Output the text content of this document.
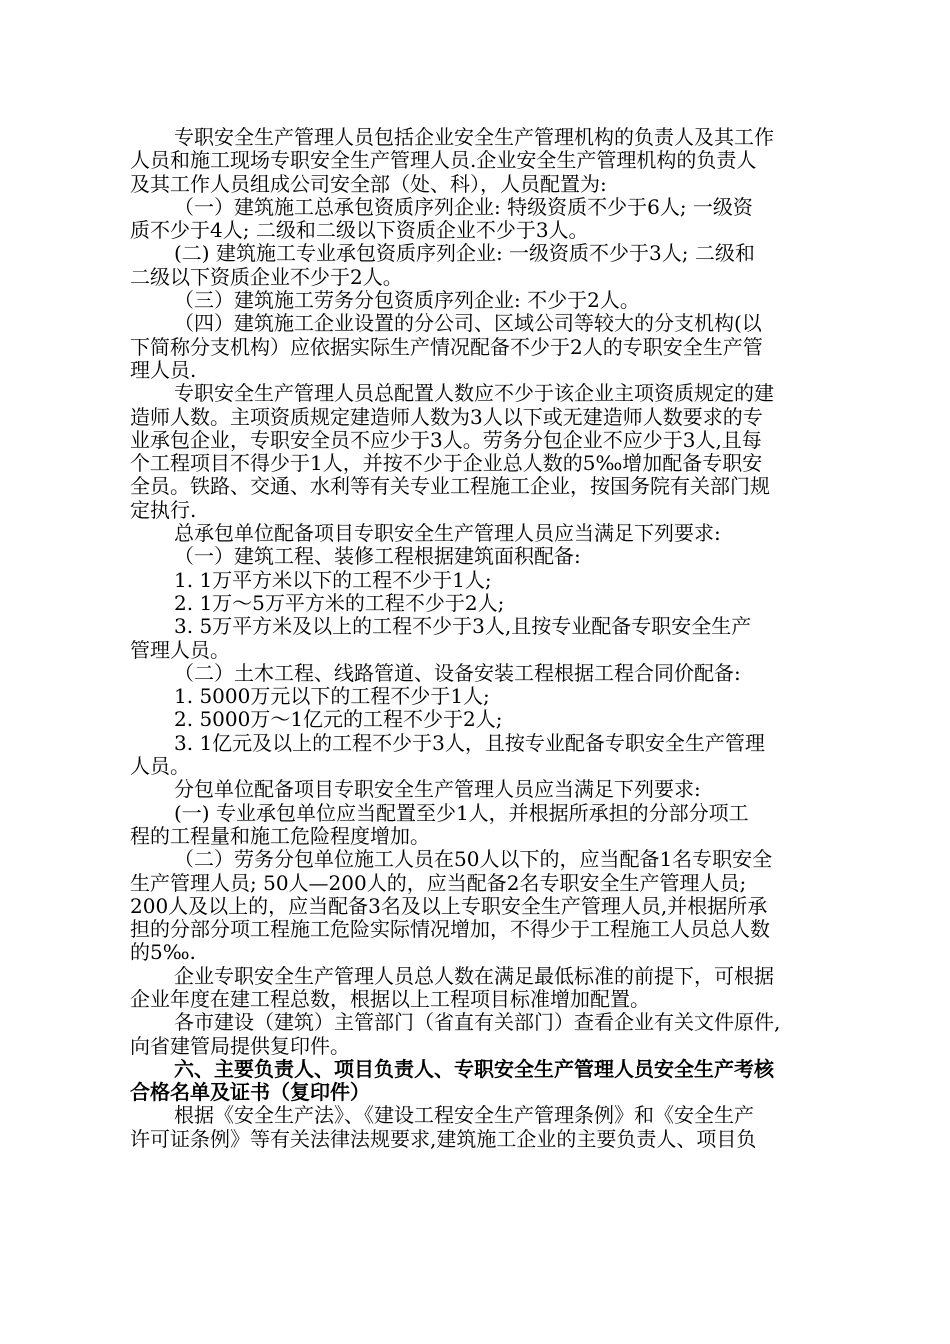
专职安全生产管理人员包括企业安全生产管理机构的负责人及其工作
人员和施工现场专职安全生产管理人员.企业安全生产管理机构的负责人
及其工作人员组成公司安全部（处、科），人员配置为:
（一）建筑施工总承包资质序列企业: 特级资质不少于6人; 一级资
质不少于4人; 二级和二级以下资质企业不少于3人。
(二) 建筑施工专业承包资质序列企业: 一级资质不少于3人; 二级和
二级以下资质企业不少于2人。
（三）建筑施工劳务分包资质序列企业: 不少于2人。
（四）建筑施工企业设置的分公司、区域公司等较大的分支机构(以
下简称分支机构）应依据实际生产情况配备不少于2人的专职安全生产管
理人员.
专职安全生产管理人员总配置人数应不少于该企业主项资质规定的建
造师人数。主项资质规定建造师人数为3人以下或无建造师人数要求的专
业承包企业，专职安全员不应少于3人。劳务分包企业不应少于3人,且每
个工程项目不得少于1人，并按不少于企业总人数的5‰增加配备专职安
全员。铁路、交通、水利等有关专业工程施工企业，按国务院有关部门规
定执行.
总承包单位配备项目专职安全生产管理人员应当满足下列要求:
（一）建筑工程、装修工程根据建筑面积配备:
1. 1万平方米以下的工程不少于1人;
2. 1万～5万平方米的工程不少于2人;
3. 5万平方米及以上的工程不少于3人,且按专业配备专职安全生产
管理人员。
（二）土木工程、线路管道、设备安装工程根据工程合同价配备:
1. 5000万元以下的工程不少于1人;
2. 5000万～1亿元的工程不少于2人;
3. 1亿元及以上的工程不少于3人，且按专业配备专职安全生产管理
人员。
分包单位配备项目专职安全生产管理人员应当满足下列要求:
(一) 专业承包单位应当配置至少1人，并根据所承担的分部分项工
程的工程量和施工危险程度增加。
（二）劳务分包单位施工人员在50人以下的，应当配备1名专职安全
生产管理人员; 50人—200人的，应当配备2名专职安全生产管理人员;
200人及以上的，应当配备3名及以上专职安全生产管理人员,并根据所承
担的分部分项工程施工危险实际情况增加，不得少于工程施工人员总人数
的5‰.
企业专职安全生产管理人员总人数在满足最低标准的前提下，可根据
企业年度在建工程总数，根据以上工程项目标准增加配置。
各市建设（建筑）主管部门（省直有关部门）查看企业有关文件原件,
向省建管局提供复印件。
六、主要负责人、项目负责人、专职安全生产管理人员安全生产考核
合格名单及证书（复印件）
根据《安全生产法》、《建设工程安全生产管理条例》和《安全生产
许可证条例》等有关法律法规要求,建筑施工企业的主要负责人、项目负
